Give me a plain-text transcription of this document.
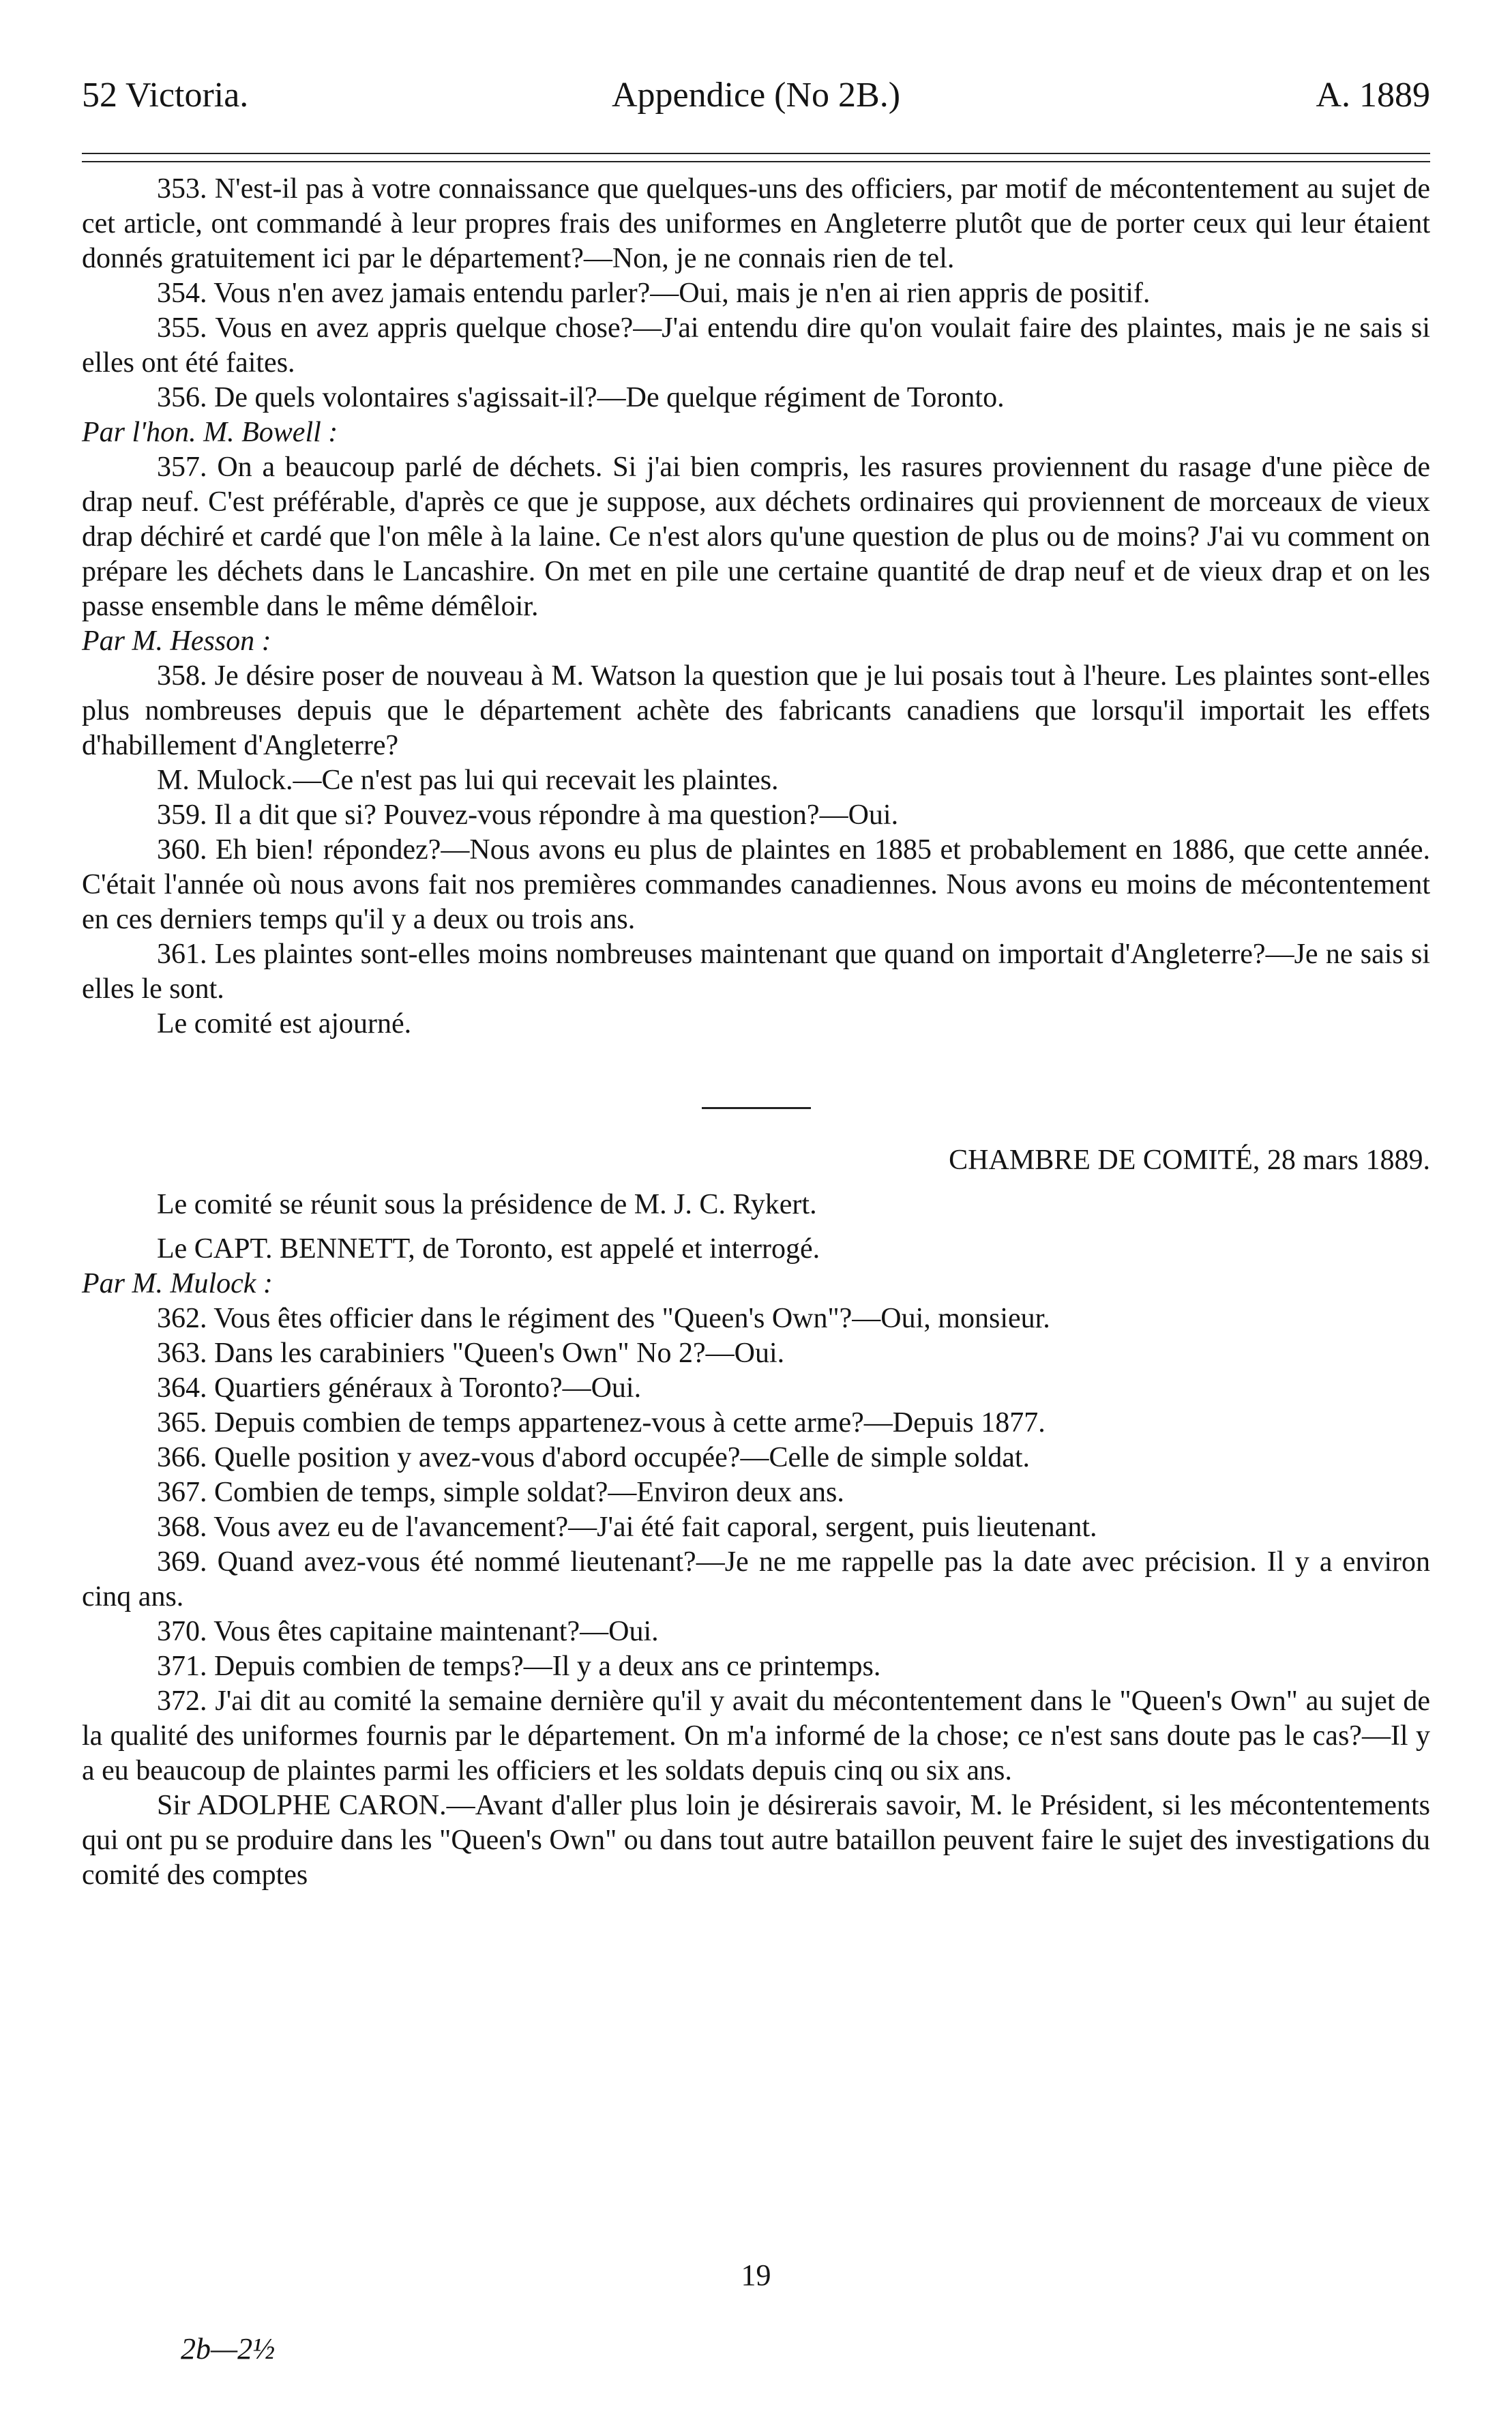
52 Victoria.	Appendice (No 2B.)	A. 1889

353. N'est-il pas à votre connaissance que quelques-uns des officiers, par motif de mécontentement au sujet de cet article, ont commandé à leur propres frais des uniformes en Angleterre plutôt que de porter ceux qui leur étaient donnés gratuitement ici par le département?—Non, je ne connais rien de tel.

354. Vous n'en avez jamais entendu parler?—Oui, mais je n'en ai rien appris de positif.

355. Vous en avez appris quelque chose?—J'ai entendu dire qu'on voulait faire des plaintes, mais je ne sais si elles ont été faites.

356. De quels volontaires s'agissait-il?—De quelque régiment de Toronto.

Par l'hon. M. Bowell :

357. On a beaucoup parlé de déchets. Si j'ai bien compris, les rasures proviennent du rasage d'une pièce de drap neuf. C'est préférable, d'après ce que je suppose, aux déchets ordinaires qui proviennent de morceaux de vieux drap déchiré et cardé que l'on mêle à la laine. Ce n'est alors qu'une question de plus ou de moins? J'ai vu comment on prépare les déchets dans le Lancashire. On met en pile une certaine quantité de drap neuf et de vieux drap et on les passe ensemble dans le même démêloir.

Par M. Hesson :

358. Je désire poser de nouveau à M. Watson la question que je lui posais tout à l'heure. Les plaintes sont-elles plus nombreuses depuis que le département achète des fabricants canadiens que lorsqu'il importait les effets d'habillement d'Angleterre?

M. Mulock.—Ce n'est pas lui qui recevait les plaintes.

359. Il a dit que si? Pouvez-vous répondre à ma question?—Oui.

360. Eh bien! répondez?—Nous avons eu plus de plaintes en 1885 et probablement en 1886, que cette année. C'était l'année où nous avons fait nos premières commandes canadiennes. Nous avons eu moins de mécontentement en ces derniers temps qu'il y a deux ou trois ans.

361. Les plaintes sont-elles moins nombreuses maintenant que quand on importait d'Angleterre?—Je ne sais si elles le sont.

Le comité est ajourné.

CHAMBRE DE COMITÉ, 28 mars 1889.

Le comité se réunit sous la présidence de M. J. C. Rykert.

Le CAPT. BENNETT, de Toronto, est appelé et interrogé.

Par M. Mulock :

362. Vous êtes officier dans le régiment des "Queen's Own"?—Oui, monsieur.

363. Dans les carabiniers "Queen's Own" No 2?—Oui.

364. Quartiers généraux à Toronto?—Oui.

365. Depuis combien de temps appartenez-vous à cette arme?—Depuis 1877.

366. Quelle position y avez-vous d'abord occupée?—Celle de simple soldat.

367. Combien de temps, simple soldat?—Environ deux ans.

368. Vous avez eu de l'avancement?—J'ai été fait caporal, sergent, puis lieutenant.

369. Quand avez-vous été nommé lieutenant?—Je ne me rappelle pas la date avec précision. Il y a environ cinq ans.

370. Vous êtes capitaine maintenant?—Oui.

371. Depuis combien de temps?—Il y a deux ans ce printemps.

372. J'ai dit au comité la semaine dernière qu'il y avait du mécontentement dans le "Queen's Own" au sujet de la qualité des uniformes fournis par le département. On m'a informé de la chose; ce n'est sans doute pas le cas?—Il y a eu beaucoup de plaintes parmi les officiers et les soldats depuis cinq ou six ans.

Sir ADOLPHE CARON.—Avant d'aller plus loin je désirerais savoir, M. le Président, si les mécontentements qui ont pu se produire dans les "Queen's Own" ou dans tout autre bataillon peuvent faire le sujet des investigations du comité des comptes

19
2b—2½
